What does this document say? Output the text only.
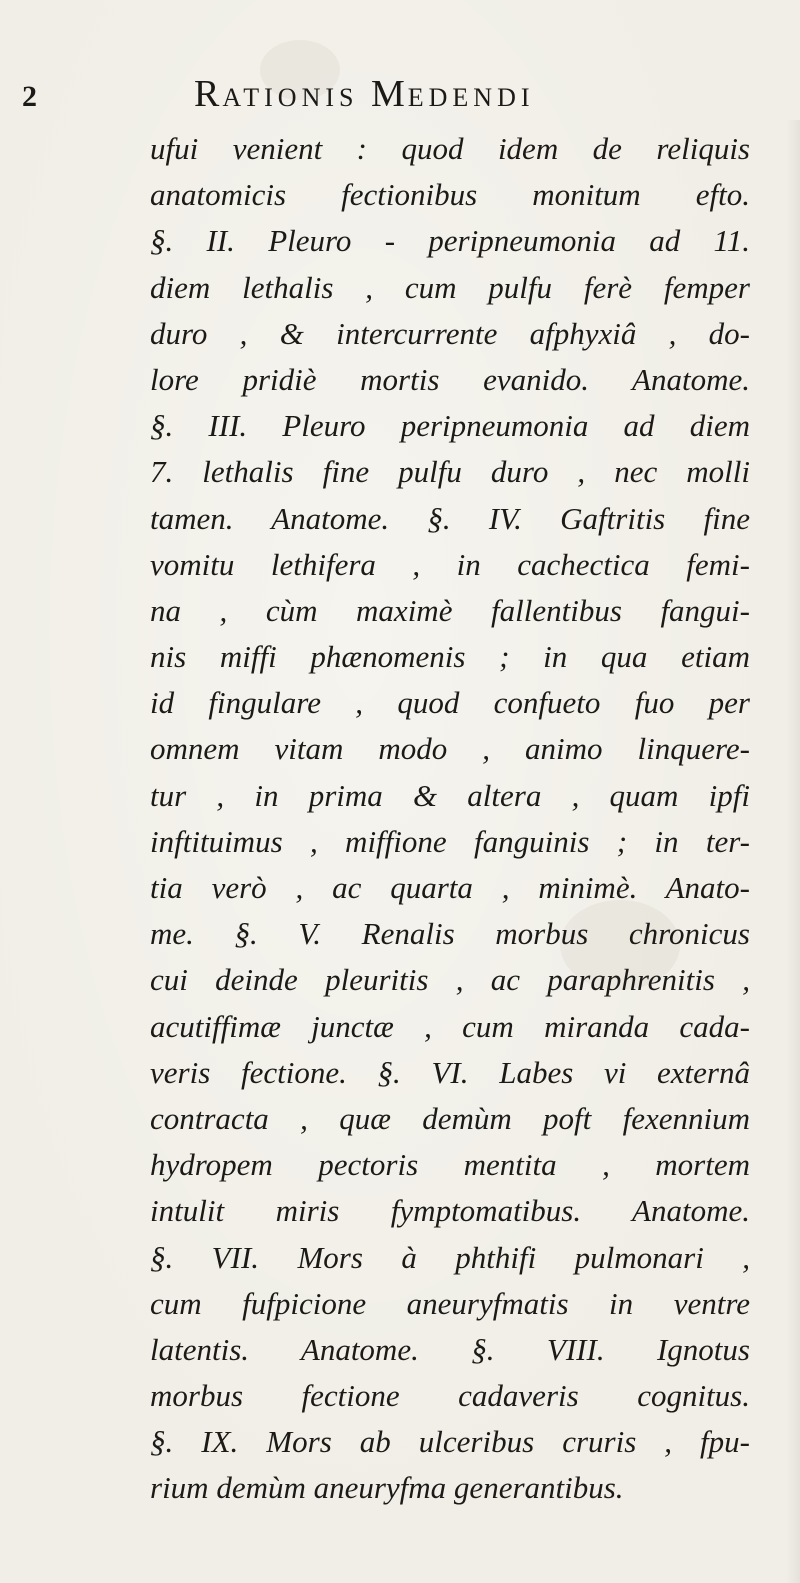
2	RATIONIS MEDENDI
ufui venient : quod idem de reliquis
anatomicis fectionibus monitum efto.
§. II. Pleuro - peripneumonia ad 11.
diem lethalis , cum pulfu ferè femper
duro , & intercurrente afphyxiâ , do-
lore pridiè mortis evanido. Anatome.
§. III. Pleuro peripneumonia ad diem
7. lethalis fine pulfu duro , nec molli
tamen. Anatome. §. IV. Gaftritis fine
vomitu lethifera , in cachectica femi-
na , cùm maximè fallentibus fangui-
nis miffi phænomenis ; in qua etiam
id fingulare , quod confueto fuo per
omnem vitam modo , animo linquere-
tur , in prima & altera , quam ipfi
inftituimus , miffione fanguinis ; in ter-
tia verò , ac quarta , minimè. Anato-
me. §. V. Renalis morbus chronicus
cui deinde pleuritis , ac paraphrenitis ,
acutiffimæ junctæ , cum miranda cada-
veris fectione. §. VI. Labes vi externâ
contracta , quæ demùm poft fexennium
hydropem pectoris mentita , mortem
intulit miris fymptomatibus. Anatome.
§. VII. Mors à phthifi pulmonari ,
cum fufpicione aneuryfmatis in ventre
latentis. Anatome. §. VIII. Ignotus
morbus fectione cadaveris cognitus.
§. IX. Mors ab ulceribus cruris , fpu-
rium demùm aneuryfma generantibus.
